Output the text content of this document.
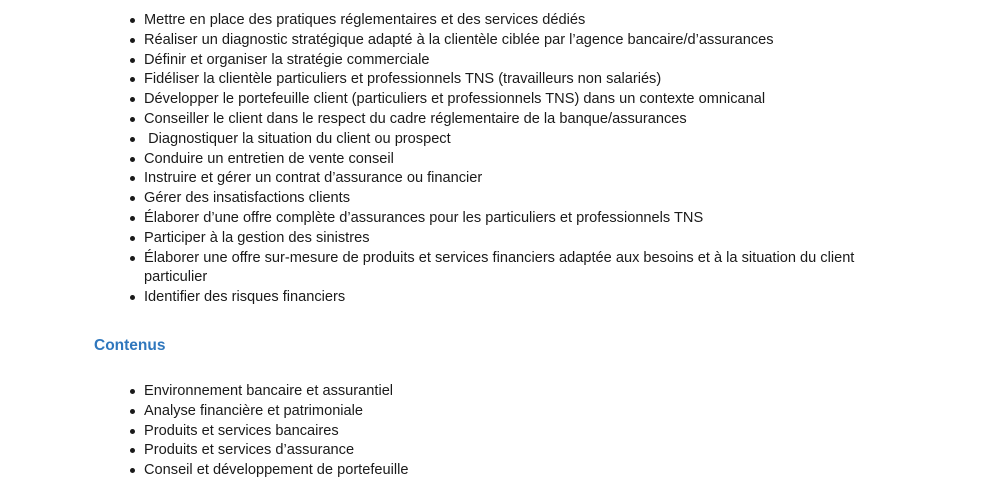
Mettre en place des pratiques réglementaires et des services dédiés
Réaliser un diagnostic stratégique adapté à la clientèle ciblée par l’agence bancaire/d’assurances
Définir et organiser la stratégie commerciale
Fidéliser la clientèle particuliers et professionnels TNS (travailleurs non salariés)
Développer le portefeuille client (particuliers et professionnels TNS) dans un contexte omnicanal
Conseiller le client dans le respect du cadre réglementaire de la banque/assurances
Diagnostiquer la situation du client ou prospect
Conduire un entretien de vente conseil
Instruire et gérer un contrat d’assurance ou financier
Gérer des insatisfactions clients
Élaborer d’une offre complète d’assurances pour les particuliers et professionnels TNS
Participer à la gestion des sinistres
Élaborer une offre sur-mesure de produits et services financiers adaptée aux besoins et à la situation du client particulier
Identifier des risques financiers
Contenus
Environnement bancaire et assurantiel
Analyse financière et patrimoniale
Produits et services bancaires
Produits et services d’assurance
Conseil et développement de portefeuille
